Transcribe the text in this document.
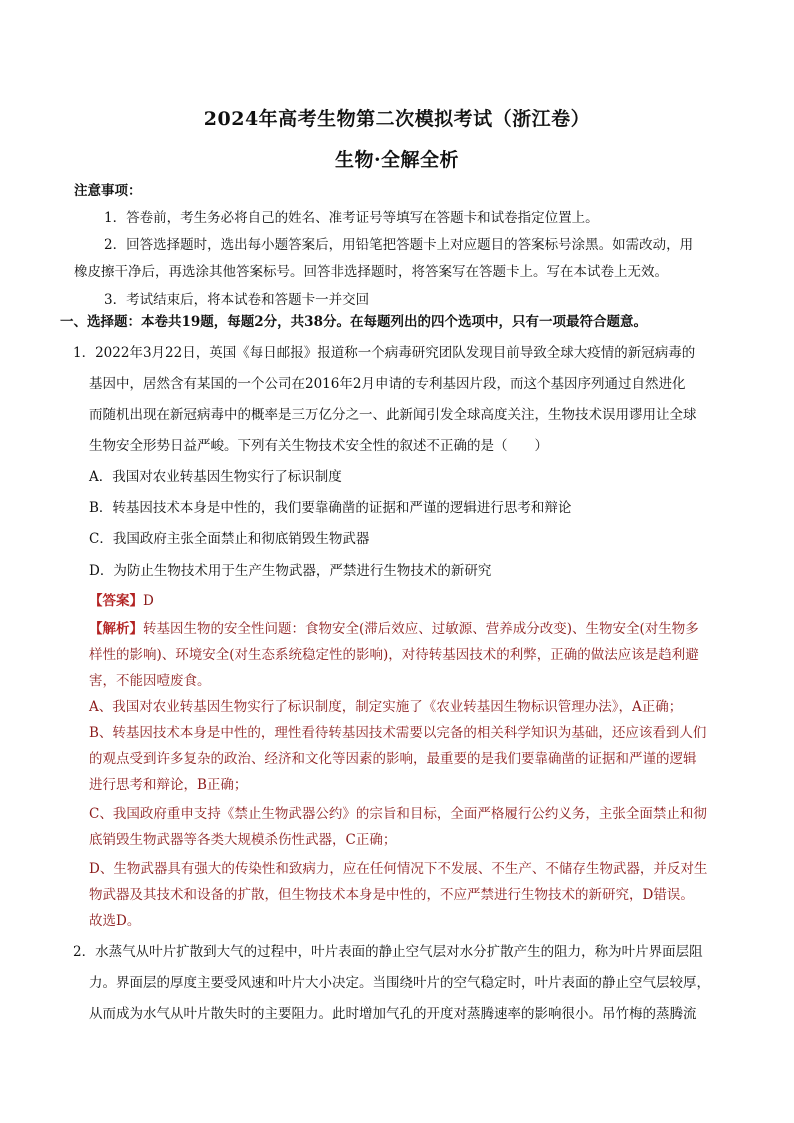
2024年高考生物第二次模拟考试（浙江卷）
生物·全解全析
注意事项：
1．答卷前，考生务必将自己的姓名、准考证号等填写在答题卡和试卷指定位置上。
2．回答选择题时，选出每小题答案后，用铅笔把答题卡上对应题目的答案标号涂黑。如需改动，用
橡皮擦干净后，再选涂其他答案标号。回答非选择题时，将答案写在答题卡上。写在本试卷上无效。
3．考试结束后，将本试卷和答题卡一并交回
一、选择题：本卷共19题，每题2分，共38分。在每题列出的四个选项中，只有一项最符合题意。
1．2022年3月22日，英国《每日邮报》报道称一个病毒研究团队发现目前导致全球大疫情的新冠病毒的
基因中，居然含有某国的一个公司在2016年2月申请的专利基因片段，而这个基因序列通过自然进化
而随机出现在新冠病毒中的概率是三万亿分之一、此新闻引发全球高度关注，生物技术误用谬用让全球
生物安全形势日益严峻。下列有关生物技术安全性的叙述不正确的是（　　）
A．我国对农业转基因生物实行了标识制度
B．转基因技术本身是中性的，我们要靠确凿的证据和严谨的逻辑进行思考和辩论
C．我国政府主张全面禁止和彻底销毁生物武器
D．为防止生物技术用于生产生物武器，严禁进行生物技术的新研究
【答案】D
【解析】转基因生物的安全性问题：食物安全(滞后效应、过敏源、营养成分改变)、生物安全(对生物多
样性的影响)、环境安全(对生态系统稳定性的影响)，对待转基因技术的利弊，正确的做法应该是趋利避
害，不能因噎废食。
A、我国对农业转基因生物实行了标识制度，制定实施了《农业转基因生物标识管理办法》，A正确；
B、转基因技术本身是中性的，理性看待转基因技术需要以完备的相关科学知识为基础，还应该看到人们
的观点受到许多复杂的政治、经济和文化等因素的影响，最重要的是我们要靠确凿的证据和严谨的逻辑
进行思考和辩论，B正确；
C、我国政府重申支持《禁止生物武器公约》的宗旨和目标，全面严格履行公约义务，主张全面禁止和彻
底销毁生物武器等各类大规模杀伤性武器，C正确；
D、生物武器具有强大的传染性和致病力，应在任何情况下不发展、不生产、不储存生物武器，并反对生
物武器及其技术和设备的扩散，但生物技术本身是中性的，不应严禁进行生物技术的新研究，D错误。
故选D。
2．水蒸气从叶片扩散到大气的过程中，叶片表面的静止空气层对水分扩散产生的阻力，称为叶片界面层阻
力。界面层的厚度主要受风速和叶片大小决定。当围绕叶片的空气稳定时，叶片表面的静止空气层较厚，
从而成为水气从叶片散失时的主要阻力。此时增加气孔的开度对蒸腾速率的影响很小。吊竹梅的蒸腾流
